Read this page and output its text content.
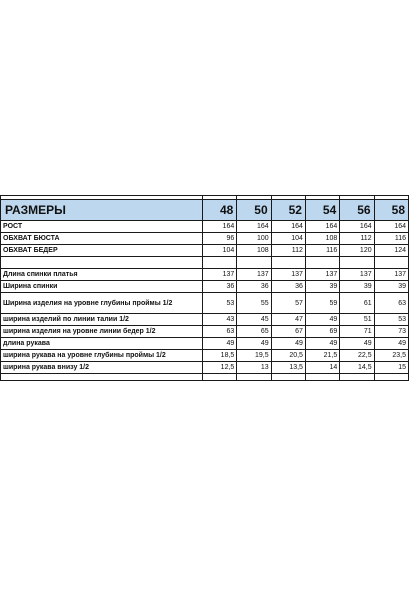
РАЗМЕРЫ	48	50	52	54	56	58
РОСТ	164	164	164	164	164	164
ОБХВАТ БЮСТА	96	100	104	108	112	116
ОБХВАТ БЕДЕР	104	108	112	116	120	124

Длина спинки платья	137	137	137	137	137	137
Ширина спинки	36	36	36	39	39	39
Ширина изделия на уровне глубины проймы 1/2	53	55	57	59	61	63
ширина изделий по линии талии 1/2	43	45	47	49	51	53
ширина изделия на уровне линии бедер 1/2	63	65	67	69	71	73
длина рукава	49	49	49	49	49	49
ширина рукава на уровне глубины проймы 1/2	18,5	19,5	20,5	21,5	22,5	23,5
ширина рукава внизу 1/2	12,5	13	13,5	14	14,5	15
